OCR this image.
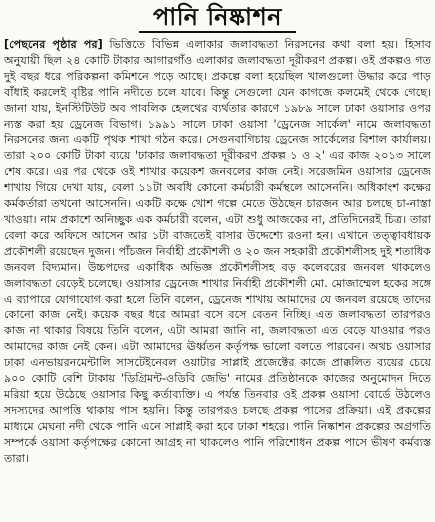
পানি নিষ্কাশন

[পেছনের পৃষ্ঠার পর] ভিত্তিতে বিভিন্ন এলাকার জলাবদ্ধতা নিরসনের কথা বলা হয়। হিসাব অনুযায়ী ছিল ২৪ কোটি টাকার আগারগাঁও এলাকার জলাবদ্ধতা দূরীকরণ প্রকল্প। ওই প্রকল্পও গত দুই বছর ধরে পরিকল্পনা কমিশনে পড়ে আছে। প্রকল্পে বলা হয়েছিল খালগুলো উদ্ধার করে পাড় বাঁধাই করলেই বৃষ্টির পানি নদীতে চলে যাবে। কিন্তু সেগুলো যেন কাগজে কলমেই থেকে গেছে। জানা যায়, ইনস্টিটিউট অব পাবলিক হেলথের ব্যর্থতার কারণে ১৯৮৯ সালে ঢাকা ওয়াসার ওপর ন্যস্ত করা হয় ড্রেনেজ বিভাগ। ১৯৯১ সালে ঢাকা ওয়াসা 'ড্রেনেজ সার্কেল' নামে জলাবদ্ধতা নিরসনের জন্য একটি পৃথক শাখা গঠন করে। সেগুনবাগিচায় ড্রেনেজ সার্কেলের বিশাল কার্যালয়। তারা ২০০ কোটি টাকা ব্যয়ে 'ঢাকার জলাবদ্ধতা দূরীকরণ প্রকল্প ১ ও ২' এর কাজ ২০১৩ সালে শেষ করে। এর পর থেকে ওই শাখার কয়েকশ জনবলের কাজ নেই। সরেজমিন ওয়াসার ড্রেনেজ শাখায় গিয়ে দেখা যায়, বেলা ১১টা অবধি কোনো কর্মচারী কর্মস্থলে আসেননি। অধিকাংশ কক্ষের কর্মকর্তারা তখনো আসেননি। একটি কক্ষে খোশ গল্পে মেতে উঠছেন চারজন আর চলছে চা-নাস্তা খাওয়া। নাম প্রকাশে অনিচ্ছুক এক কর্মচারী বলেন, এটা শুধু আজকের না, প্রতিদিনেরই চিত্র। তারা বেলা করে অফিসে আসেন আর ১টা বাজতেই বাসার উদ্দেশ্যে রওনা হন। এখানে তত্ত্বাবধায়ক প্রকৌশলী রয়েছেন দুজন। পাঁচজন নির্বাহী প্রকৌশলী ও ২০ জন সহকারী প্রকৌশলীসহ দুই শতাধিক জনবল বিদ্যমান। উচ্চপদের একাধিক অভিজ্ঞ প্রকৌশলীসহ বড় কলেবরের জনবল থাকলেও জলাবদ্ধতা বেড়েই চলেছে। ওয়াসার ড্রেনেজ শাখার নির্বাহী প্রকৌশলী মো. মোজাম্মেল হকের সঙ্গে এ ব্যাপারে যোগাযোগ করা হলে তিনি বলেন, ড্রেনেজ শাখায় আমাদের যে জনবল রয়েছে তাদের কোনো কাজ নেই। কয়েক বছর ধরে আমরা বসে বসে বেতন নিচ্ছি। এত জলাবদ্ধতা তারপরও কাজ না থাকার বিষয়ে তিনি বলেন, এটা আমরা জানি না, জলাবদ্ধতা এত বেড়ে যাওয়ার পরও আমাদের কাজ নেই কেন। এটা আমাদের ঊর্ধ্বতন কর্তৃপক্ষ ভালো বলতে পারবেন। অথচ ওয়াসার ঢাকা এনভায়রনমেন্টালি সাসটেইনেবল ওয়াটার সাপ্লাই প্রজেক্টের কাজে প্রাক্কলিত ব্যয়ের চেয়ে ৯০০ কোটি বেশি টাকায় 'ডিগ্রিমন্ট-ওডিবি জেভি' নামের প্রতিষ্ঠানকে কাজের অনুমোদন দিতে মরিয়া হয়ে উঠেছে ওয়াসার কিছু কর্তাব্যক্তি। এ পর্যন্ত তিনবার ওই প্রকল্প ওয়াসা বোর্ডে উঠলেও সদস্যদের আপত্তি থাকায় পাস হয়নি। কিন্তু তারপরও চলছে প্রকল্প পাসের প্রক্রিয়া। এই প্রকল্পের মাধ্যমে মেঘনা নদী থেকে পানি এনে সাপ্লাই করা হবে ঢাকা শহরে। পানি নিষ্কাশন প্রকল্পের অগ্রগতি সম্পর্কে ওয়াসা কর্তৃপক্ষের কোনো আগ্রহ না থাকলেও পানি পরিশোধন প্রকল্প পাসে ভীষণ কর্মব্যস্ত তারা।
